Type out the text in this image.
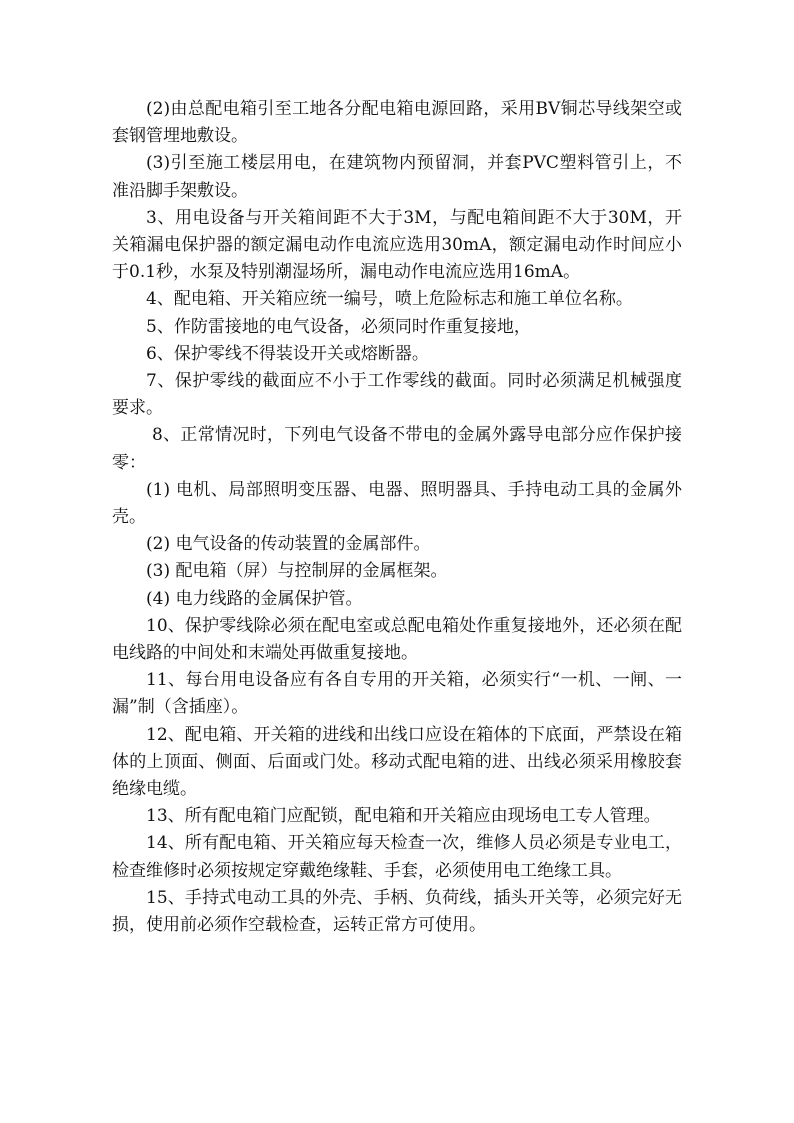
(2)由总配电箱引至工地各分配电箱电源回路，采用BV铜芯导线架空或套钢管埋地敷设。

(3)引至施工楼层用电，在建筑物内预留洞，并套PVC塑料管引上，不准沿脚手架敷设。

3、用电设备与开关箱间距不大于3M，与配电箱间距不大于30M，开关箱漏电保护器的额定漏电动作电流应选用30mA，额定漏电动作时间应小于0.1秒，水泵及特别潮湿场所，漏电动作电流应选用16mA。

4、配电箱、开关箱应统一编号，喷上危险标志和施工单位名称。

5、作防雷接地的电气设备，必须同时作重复接地，

6、保护零线不得装设开关或熔断器。

7、保护零线的截面应不小于工作零线的截面。同时必须满足机械强度要求。

8、正常情况时，下列电气设备不带电的金属外露导电部分应作保护接零：

(1) 电机、局部照明变压器、电器、照明器具、手持电动工具的金属外壳。

(2) 电气设备的传动装置的金属部件。

(3) 配电箱（屏）与控制屏的金属框架。

(4) 电力线路的金属保护管。

10、保护零线除必须在配电室或总配电箱处作重复接地外，还必须在配电线路的中间处和末端处再做重复接地。

11、每台用电设备应有各自专用的开关箱，必须实行“一机、一闸、一漏”制（含插座）。

12、配电箱、开关箱的进线和出线口应设在箱体的下底面，严禁设在箱体的上顶面、侧面、后面或门处。移动式配电箱的进、出线必须采用橡胶套绝缘电缆。

13、所有配电箱门应配锁，配电箱和开关箱应由现场电工专人管理。

14、所有配电箱、开关箱应每天检查一次，维修人员必须是专业电工，检查维修时必须按规定穿戴绝缘鞋、手套，必须使用电工绝缘工具。

15、手持式电动工具的外壳、手柄、负荷线，插头开关等，必须完好无损，使用前必须作空载检查，运转正常方可使用。
